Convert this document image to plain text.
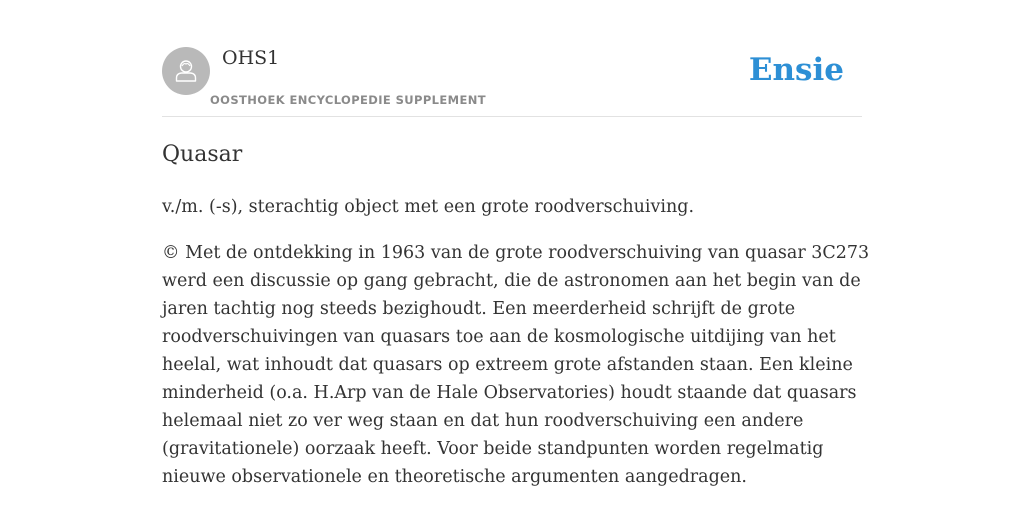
OHS1
OOSTHOEK ENCYCLOPEDIE SUPPLEMENT
Ensie
Quasar
v./m. (-s), sterachtig object met een grote roodverschuiving.
© Met de ontdekking in 1963 van de grote roodverschuiving van quasar 3C273
werd een discussie op gang gebracht, die de astronomen aan het begin van de
jaren tachtig nog steeds bezighoudt. Een meerderheid schrijft de grote
roodverschuivingen van quasars toe aan de kosmologische uitdijing van het
heelal, wat inhoudt dat quasars op extreem grote afstanden staan. Een kleine
minderheid (o.a. H.Arp van de Hale Observatories) houdt staande dat quasars
helemaal niet zo ver weg staan en dat hun roodverschuiving een andere
(gravitationele) oorzaak heeft. Voor beide standpunten worden regelmatig
nieuwe observationele en theoretische argumenten aangedragen.
